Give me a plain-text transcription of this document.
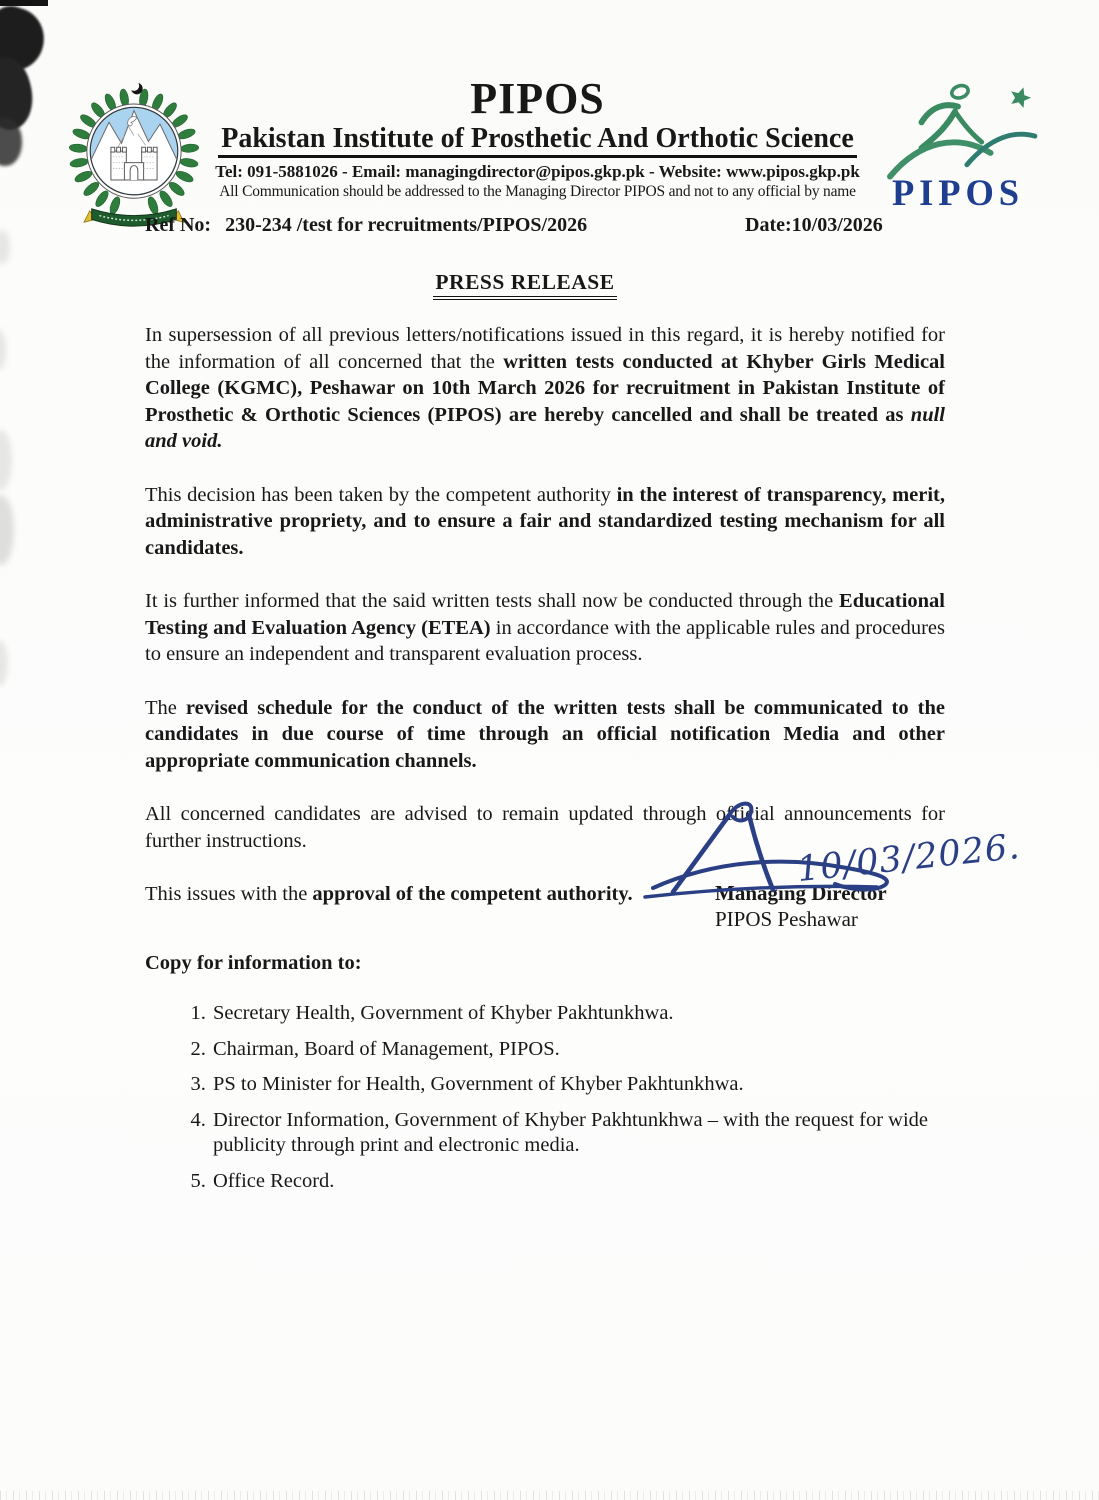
PIPOS
Pakistan Institute of Prosthetic And Orthotic Science
Tel: 091-5881026 - Email: managingdirector@pipos.gkp.pk - Website: www.pipos.gkp.pk
All Communication should be addressed to the Managing Director PIPOS and not to any official by name PIPOS
Ref No: 230-234 /test for recruitments/PIPOS/2026	Date:10/03/2026
PRESS RELEASE

In supersession of all previous letters/notifications issued in this regard, it is hereby notified for the information of all concerned that the written tests conducted at Khyber Girls Medical College (KGMC), Peshawar on 10th March 2026 for recruitment in Pakistan Institute of Prosthetic & Orthotic Sciences (PIPOS) are hereby cancelled and shall be treated as null and void.

This decision has been taken by the competent authority in the interest of transparency, merit, administrative propriety, and to ensure a fair and standardized testing mechanism for all candidates.

It is further informed that the said written tests shall now be conducted through the Educational Testing and Evaluation Agency (ETEA) in accordance with the applicable rules and procedures to ensure an independent and transparent evaluation process.

The revised schedule for the conduct of the written tests shall be communicated to the candidates in due course of time through an official notification Media and other appropriate communication channels.

All concerned candidates are advised to remain updated through official announcements for further instructions.

This issues with the approval of the competent authority.

10/03/2026.
Managing Director
PIPOS Peshawar
Copy for information to:
1. Secretary Health, Government of Khyber Pakhtunkhwa.
2. Chairman, Board of Management, PIPOS.
3. PS to Minister for Health, Government of Khyber Pakhtunkhwa.
4. Director Information, Government of Khyber Pakhtunkhwa – with the request for wide publicity through print and electronic media.
5. Office Record.
